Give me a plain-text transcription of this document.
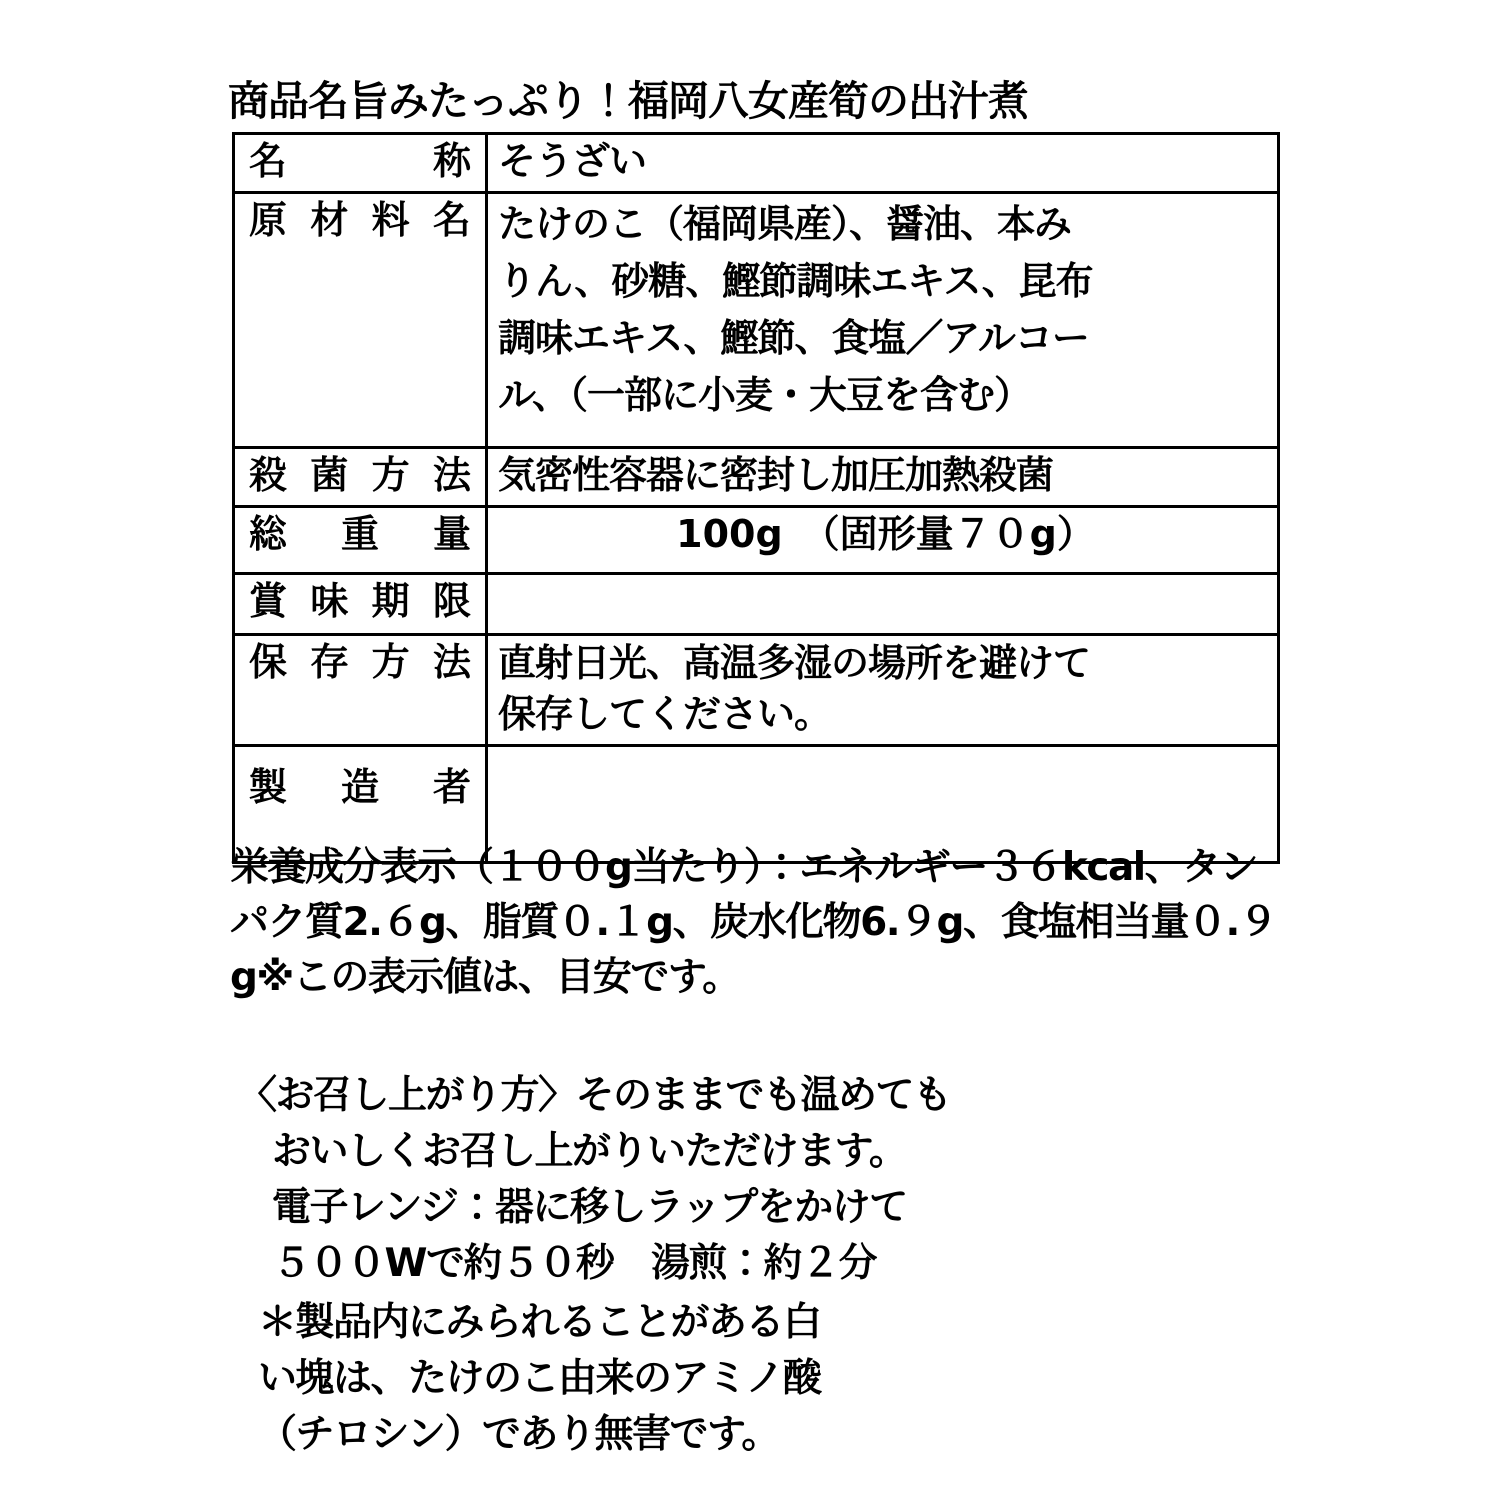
商品名旨みたっぷり！福岡八女産筍の出汁煮
名　　称	そうざい
原材料名	たけのこ（福岡県産）、醤油、本み
りん、砂糖、鰹節調味エキス、昆布
調味エキス、鰹節、食塩／アルコー
ル、（一部に小麦・大豆を含む）

殺菌方法	気密性容器に密封し加圧加熱殺菌
総 重 量	100g　（固形量７０g）
賞味期限	
保存方法	直射日光、高温多湿の場所を避けて
保存してください。

製 造 者	
栄養成分表示（１００g当たり）：エネルギー３６kcal、タンパク質2.６g、脂質０.１g、炭水化物6.９g、食塩相当量０.９g※この表示値は、目安です。
〈お召し上がり方〉そのままでも温めても
おいしくお召し上がりいただけます。
電子レンジ：器に移しラップをかけて
５００Wで約５０秒　湯煎：約２分
＊製品内にみられることがある白
い塊は、たけのこ由来のアミノ酸
（チロシン）であり無害です。
